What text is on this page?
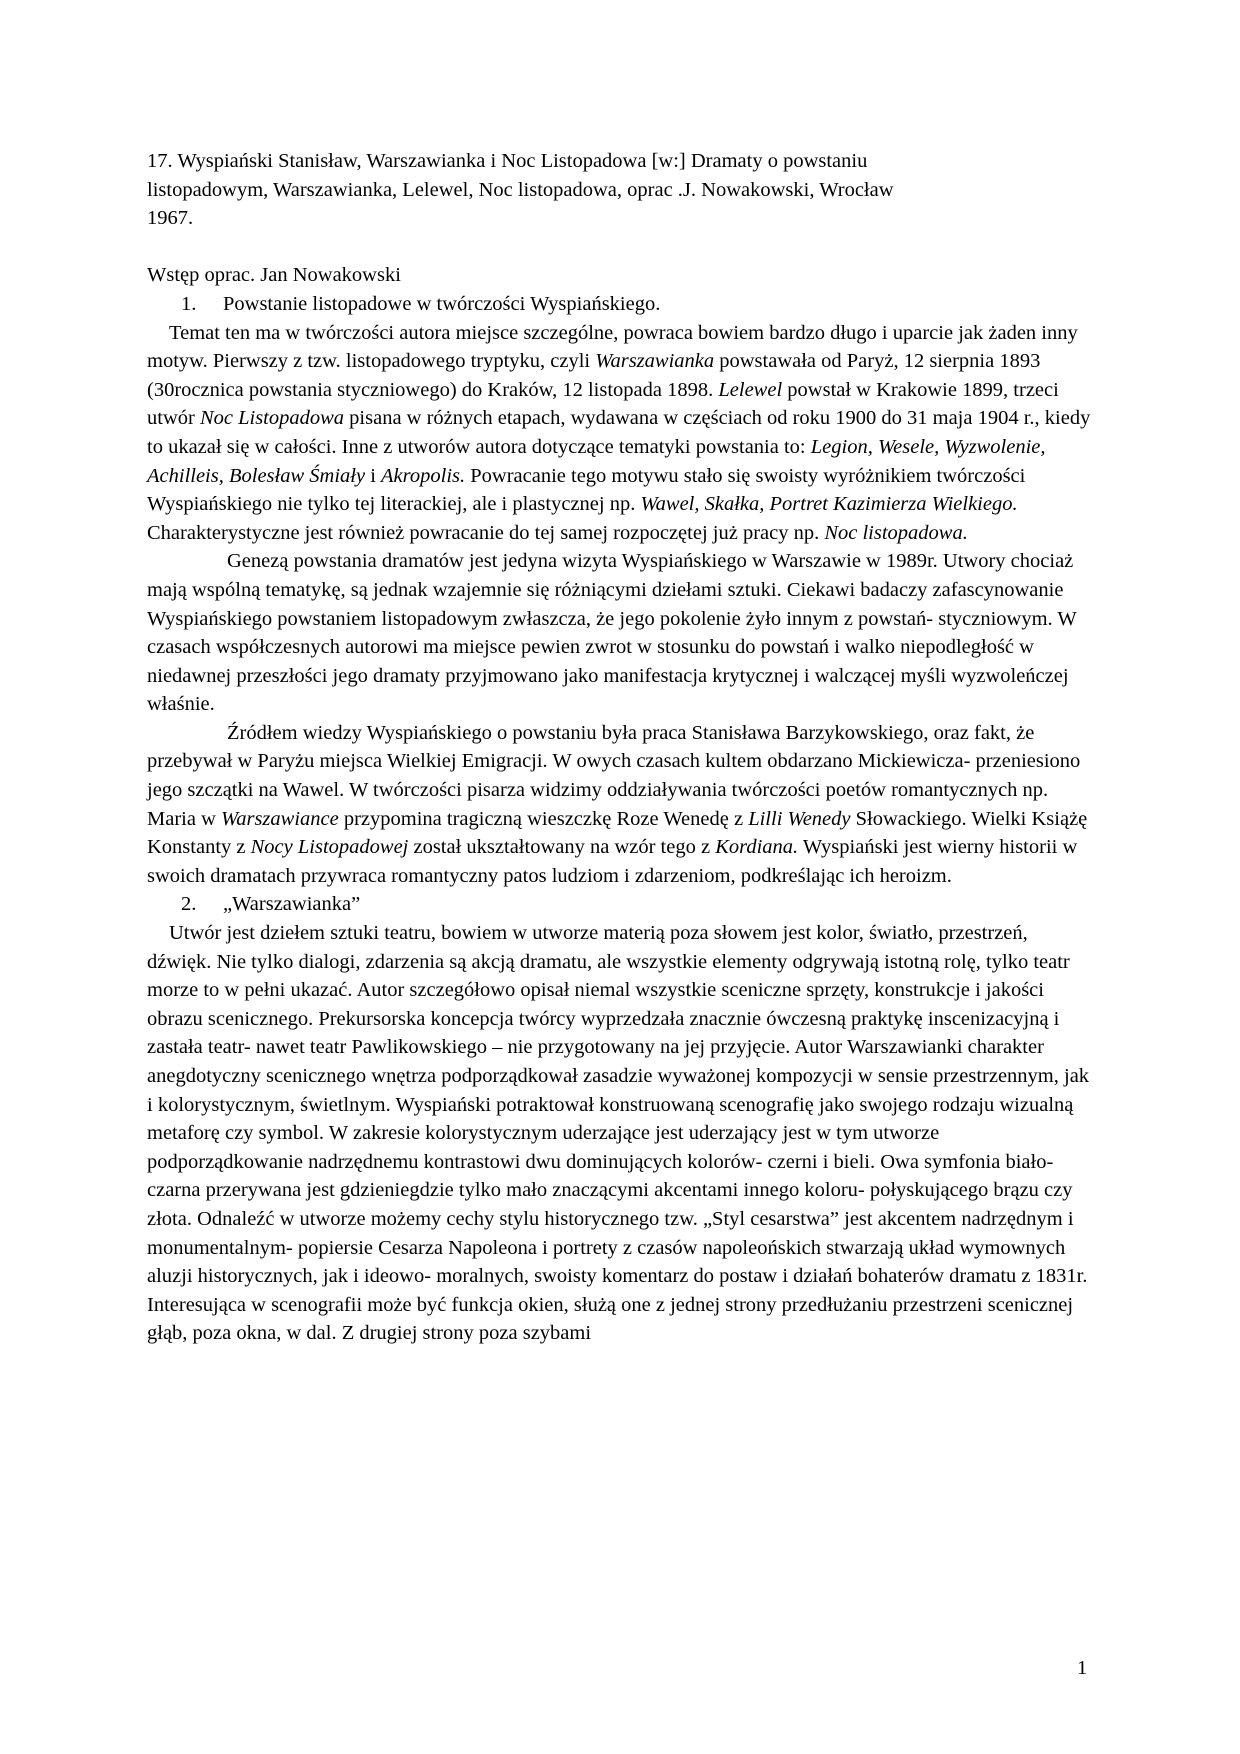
17. Wyspiański Stanisław, Warszawianka i Noc Listopadowa [w:] Dramaty o powstaniu
listopadowym, Warszawianka, Lelewel, Noc listopadowa, oprac .J. Nowakowski, Wrocław
1967.

Wstęp oprac. Jan Nowakowski

1. Powstanie listopadowe w twórczości Wyspiańskiego.

Temat ten ma w twórczości autora miejsce szczególne, powraca bowiem bardzo długo i uparcie jak żaden inny motyw. Pierwszy z tzw. listopadowego tryptyku, czyli Warszawianka powstawała od Paryż, 12 sierpnia 1893 (30rocznica powstania styczniowego) do Kraków, 12 listopada 1898. Lelewel powstał w Krakowie 1899, trzeci utwór Noc Listopadowa pisana w różnych etapach, wydawana w częściach od roku 1900 do 31 maja 1904 r., kiedy to ukazał się w całości. Inne z utworów autora dotyczące tematyki powstania to: Legion, Wesele, Wyzwolenie, Achilleis, Bolesław Śmiały i Akropolis. Powracanie tego motywu stało się swoisty wyróżnikiem twórczości Wyspiańskiego nie tylko tej literackiej, ale i plastycznej np. Wawel, Skałka, Portret Kazimierza Wielkiego. Charakterystyczne jest również powracanie do tej samej rozpoczętej już pracy np. Noc listopadowa.

Genezą powstania dramatów jest jedyna wizyta Wyspiańskiego w Warszawie w 1989r. Utwory chociaż mają wspólną tematykę, są jednak wzajemnie się różniącymi dziełami sztuki. Ciekawi badaczy zafascynowanie Wyspiańskiego powstaniem listopadowym zwłaszcza, że jego pokolenie żyło innym z powstań- styczniowym. W czasach współczesnych autorowi ma miejsce pewien zwrot w stosunku do powstań i walko niepodległość w niedawnej przeszłości jego dramaty przyjmowano jako manifestacja krytycznej i walczącej myśli wyzwoleńczej właśnie.

Źródłem wiedzy Wyspiańskiego o powstaniu była praca Stanisława Barzykowskiego, oraz fakt, że przebywał w Paryżu miejsca Wielkiej Emigracji. W owych czasach kultem obdarzano Mickiewicza- przeniesiono jego szczątki na Wawel. W twórczości pisarza widzimy oddziaływania twórczości poetów romantycznych np. Maria w Warszawiance przypomina tragiczną wieszczkę Roze Wenedę z Lilli Wenedy Słowackiego. Wielki Książę Konstanty z Nocy Listopadowej został ukształtowany na wzór tego z Kordiana. Wyspiański jest wierny historii w swoich dramatach przywraca romantyczny patos ludziom i zdarzeniom, podkreślając ich heroizm.

2. „Warszawianka”

Utwór jest dziełem sztuki teatru, bowiem w utworze materią poza słowem jest kolor, światło, przestrzeń, dźwięk. Nie tylko dialogi, zdarzenia są akcją dramatu, ale wszystkie elementy odgrywają istotną rolę, tylko teatr morze to w pełni ukazać. Autor szczegółowo opisał niemal wszystkie sceniczne sprzęty, konstrukcje i jakości obrazu scenicznego. Prekursorska koncepcja twórcy wyprzedzała znacznie ówczesną praktykę inscenizacyjną i zastała teatr- nawet teatr Pawlikowskiego – nie przygotowany na jej przyjęcie. Autor Warszawianki charakter anegdotyczny scenicznego wnętrza podporządkował zasadzie wyważonej kompozycji w sensie przestrzennym, jak i kolorystycznym, świetlnym. Wyspiański potraktował konstruowaną scenografię jako swojego rodzaju wizualną metaforę czy symbol. W zakresie kolorystycznym uderzające jest uderzający jest w tym utworze podporządkowanie nadrzędnemu kontrastowi dwu dominujących kolorów- czerni i bieli. Owa symfonia biało- czarna przerywana jest gdzieniegdzie tylko mało znaczącymi akcentami innego koloru- połyskującego brązu czy złota. Odnaleźć w utworze możemy cechy stylu historycznego tzw. „Styl cesarstwa” jest akcentem nadrzędnym i monumentalnym- popiersie Cesarza Napoleona i portrety z czasów napoleońskich stwarzają układ wymownych aluzji historycznych, jak i ideowo- moralnych, swoisty komentarz do postaw i działań bohaterów dramatu z 1831r. Interesująca w scenografii może być funkcja okien, służą one z jednej strony przedłużaniu przestrzeni scenicznej głąb, poza okna, w dal. Z drugiej strony poza szybami

1
